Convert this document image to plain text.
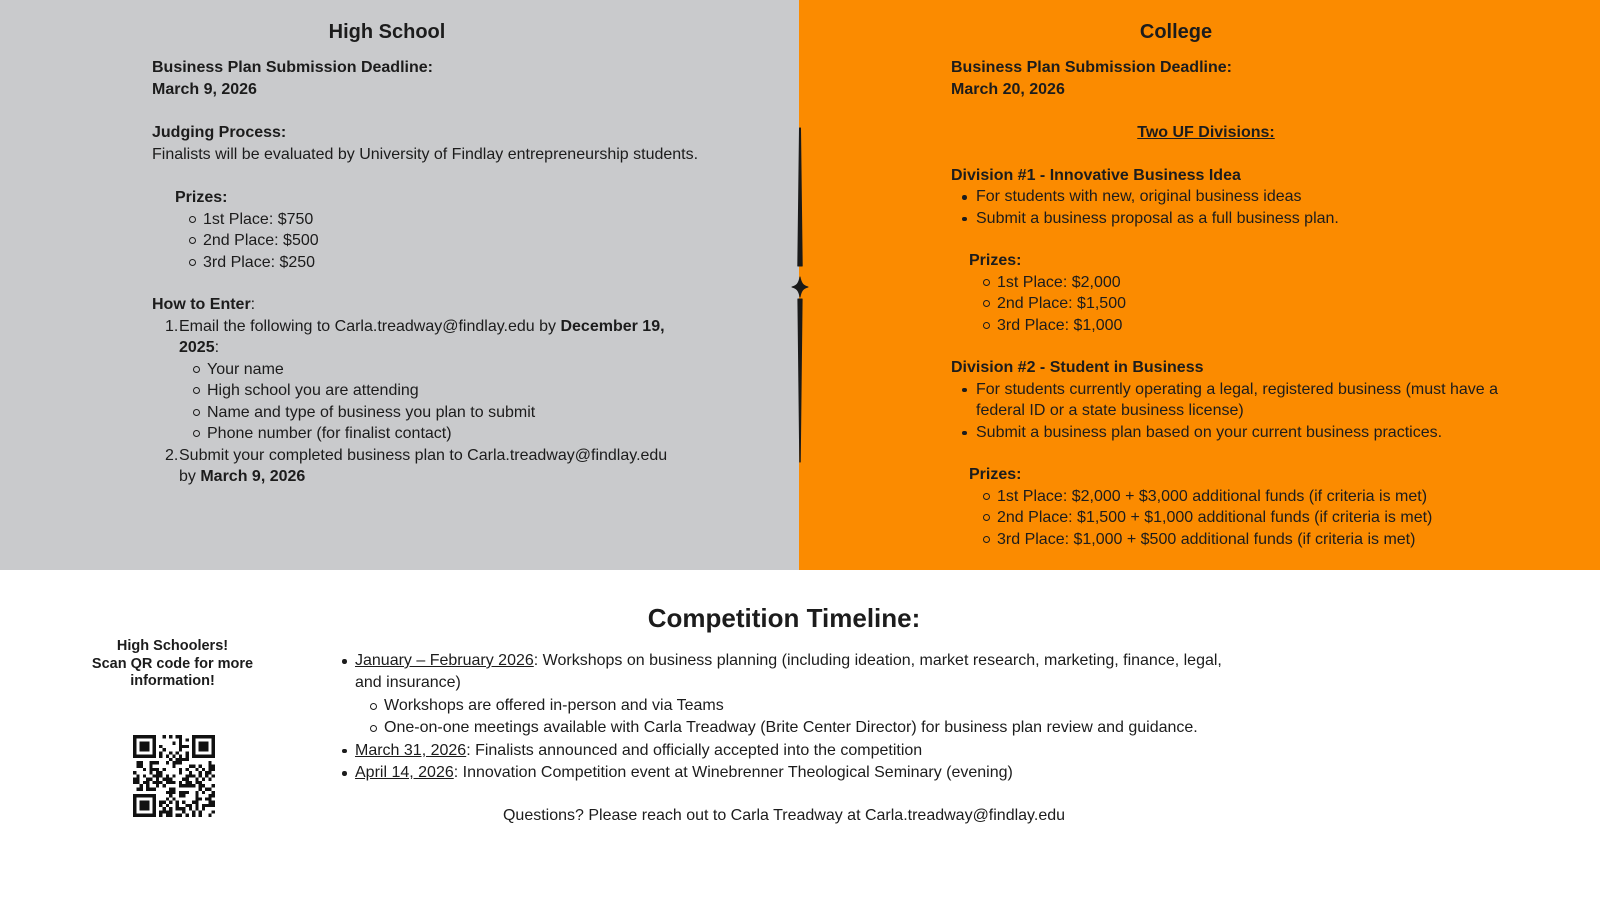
High School

Business Plan Submission Deadline:
March 9, 2026

Judging Process:
Finalists will be evaluated by University of Findlay entrepreneurship students.

Prizes:
1st Place: $750
2nd Place: $500
3rd Place: $250
How to Enter:
Email the following to Carla.treadway@findlay.edu by December 19, 2025:
Your name
High school you are attending
Name and type of business you plan to submit
Phone number (for finalist contact)
Submit your completed business plan to Carla.treadway@findlay.edu by March 9, 2026
College

Business Plan Submission Deadline:
March 20, 2026

Two UF Divisions:
Division #1 - Innovative Business Idea
For students with new, original business ideas
Submit a business proposal as a full business plan.
Prizes:
1st Place: $2,000
2nd Place: $1,500
3rd Place: $1,000
Division #2 - Student in Business
For students currently operating a legal, registered business (must have a federal ID or a state business license)
Submit a business plan based on your current business practices.
Prizes:
1st Place: $2,000 + $3,000 additional funds (if criteria is met)
2nd Place: $1,500 + $1,000 additional funds (if criteria is met)
3rd Place: $1,000 + $500 additional funds (if criteria is met)
Competition Timeline:
High Schoolers!
Scan QR code for more information!
January – February 2026: Workshops on business planning (including ideation, market research, marketing, finance, legal, and insurance)
Workshops are offered in-person and via Teams
One-on-one meetings available with Carla Treadway (Brite Center Director) for business plan review and guidance.
March 31, 2026: Finalists announced and officially accepted into the competition
April 14, 2026: Innovation Competition event at Winebrenner Theological Seminary (evening)

Questions? Please reach out to Carla Treadway at Carla.treadway@findlay.edu
